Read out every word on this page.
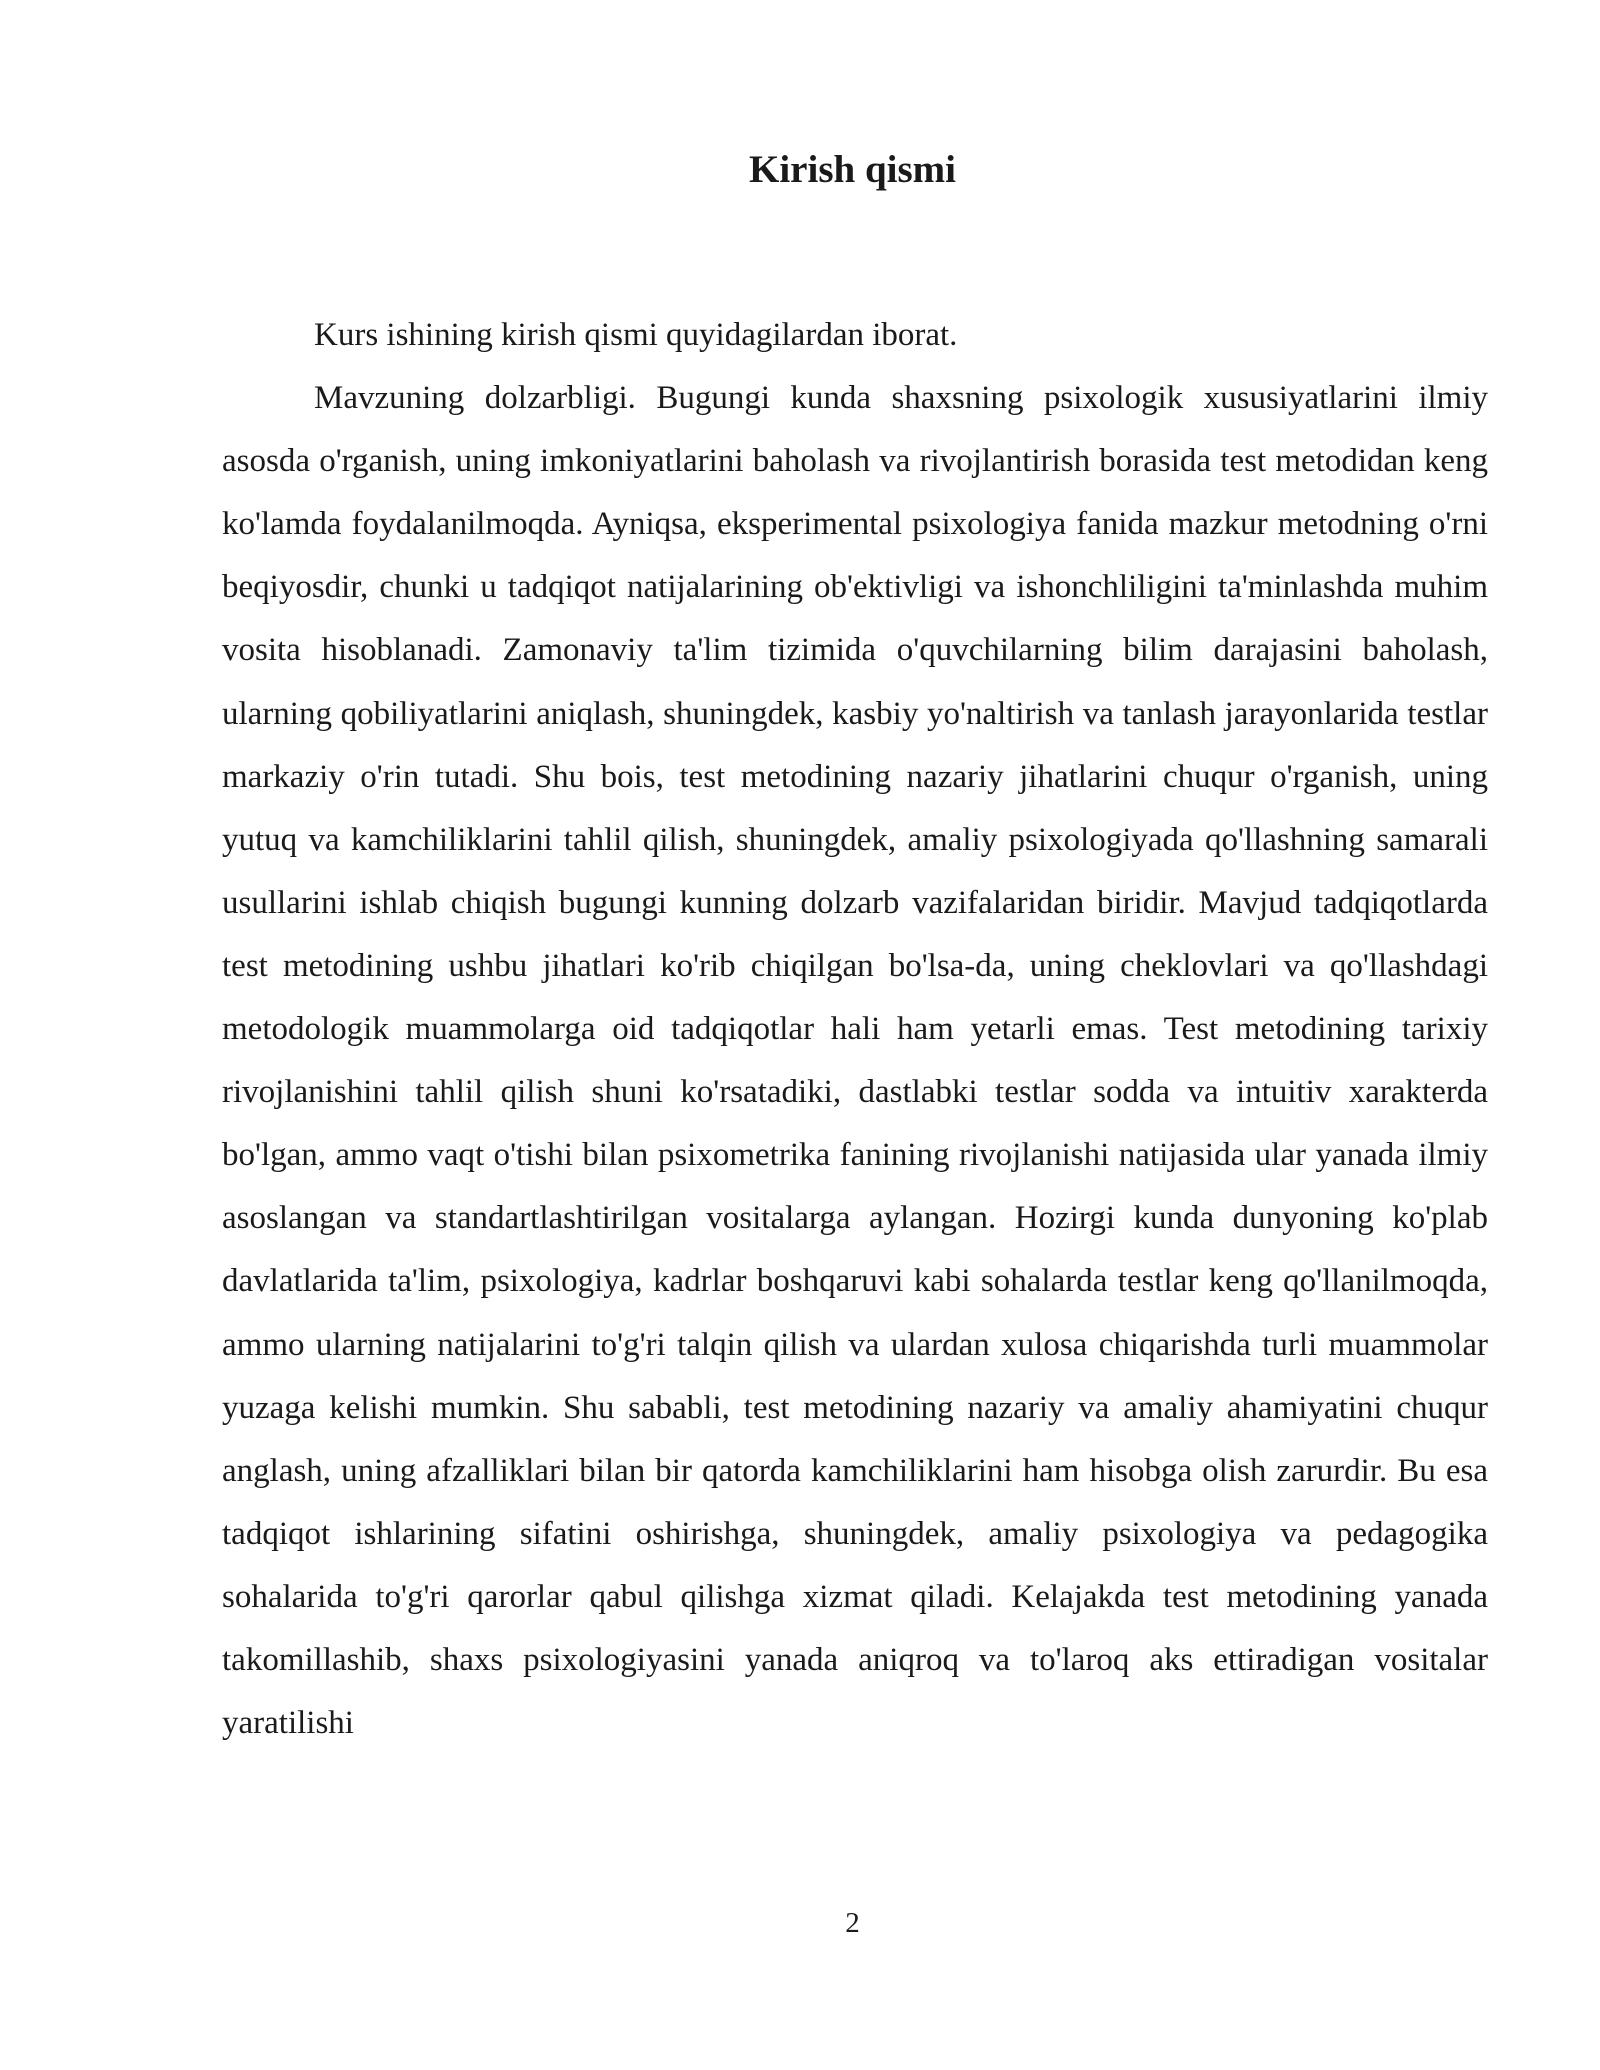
Kirish qismi

Kurs ishining kirish qismi quyidagilardan iborat.

Mavzuning dolzarbligi. Bugungi kunda shaxsning psixologik xususiyatlarini ilmiy asosda o'rganish, uning imkoniyatlarini baholash va rivojlantirish borasida test metodidan keng ko'lamda foydalanilmoqda. Ayniqsa, eksperimental psixologiya fanida mazkur metodning o'rni beqiyosdir, chunki u tadqiqot natijalarining ob'ektivligi va ishonchliligini ta'minlashda muhim vosita hisoblanadi. Zamonaviy ta'lim tizimida o'quvchilarning bilim darajasini baholash, ularning qobiliyatlarini aniqlash, shuningdek, kasbiy yo'naltirish va tanlash jarayonlarida testlar markaziy o'rin tutadi. Shu bois, test metodining nazariy jihatlarini chuqur o'rganish, uning yutuq va kamchiliklarini tahlil qilish, shuningdek, amaliy psixologiyada qo'llashning samarali usullarini ishlab chiqish bugungi kunning dolzarb vazifalaridan biridir. Mavjud tadqiqotlarda test metodining ushbu jihatlari ko'rib chiqilgan bo'lsa-da, uning cheklovlari va qo'llashdagi metodologik muammolarga oid tadqiqotlar hali ham yetarli emas. Test metodining tarixiy rivojlanishini tahlil qilish shuni ko'rsatadiki, dastlabki testlar sodda va intuitiv xarakterda bo'lgan, ammo vaqt o'tishi bilan psixometrika fanining rivojlanishi natijasida ular yanada ilmiy asoslangan va standartlashtirilgan vositalarga aylangan. Hozirgi kunda dunyoning ko'plab davlatlarida ta'lim, psixologiya, kadrlar boshqaruvi kabi sohalarda testlar keng qo'llanilmoqda, ammo ularning natijalarini to'g'ri talqin qilish va ulardan xulosa chiqarishda turli muammolar yuzaga kelishi mumkin. Shu sababli, test metodining nazariy va amaliy ahamiyatini chuqur anglash, uning afzalliklari bilan bir qatorda kamchiliklarini ham hisobga olish zarurdir. Bu esa tadqiqot ishlarining sifatini oshirishga, shuningdek, amaliy psixologiya va pedagogika sohalarida to'g'ri qarorlar qabul qilishga xizmat qiladi. Kelajakda test metodining yanada takomillashib, shaxs psixologiyasini yanada aniqroq va to'laroq aks ettiradigan vositalar yaratilishi

2
